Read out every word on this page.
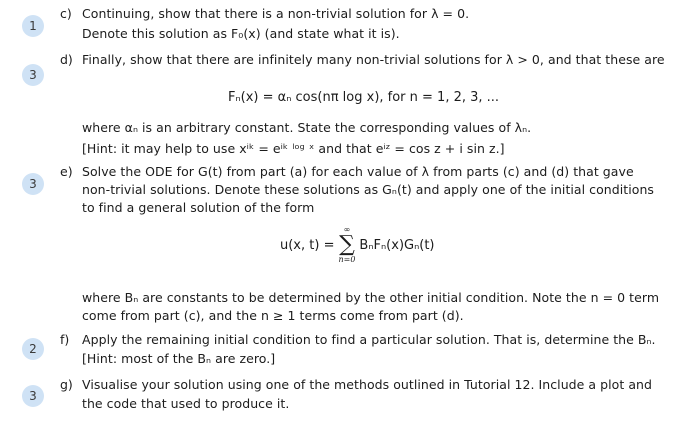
1
3
3
2
3
c) Continuing, show that there is a non-trivial solution for λ = 0.
Denote this solution as F₀(x) (and state what it is).
d) Finally, show that there are infinitely many non-trivial solutions for λ > 0, and that these are
Fₙ(x) = αₙ cos(nπ log x), for n = 1, 2, 3, ...
where αₙ is an arbitrary constant. State the corresponding values of λₙ.
[Hint: it may help to use xⁱᵏ = eⁱᵏ ˡᵒᵍ ˣ and that eⁱᶻ = cos z + i sin z.]
e) Solve the ODE for G(t) from part (a) for each value of λ from parts (c) and (d) that gave
non-trivial solutions. Denote these solutions as Gₙ(t) and apply one of the initial conditions
to find a general solution of the form
u(x, t) =
∞
∑
n=0
BₙFₙ(x)Gₙ(t)
where Bₙ are constants to be determined by the other initial condition. Note the n = 0 term
come from part (c), and the n ≥ 1 terms come from part (d).
f) Apply the remaining initial condition to find a particular solution. That is, determine the Bₙ.
[Hint: most of the Bₙ are zero.]
g) Visualise your solution using one of the methods outlined in Tutorial 12. Include a plot and
the code that used to produce it.
